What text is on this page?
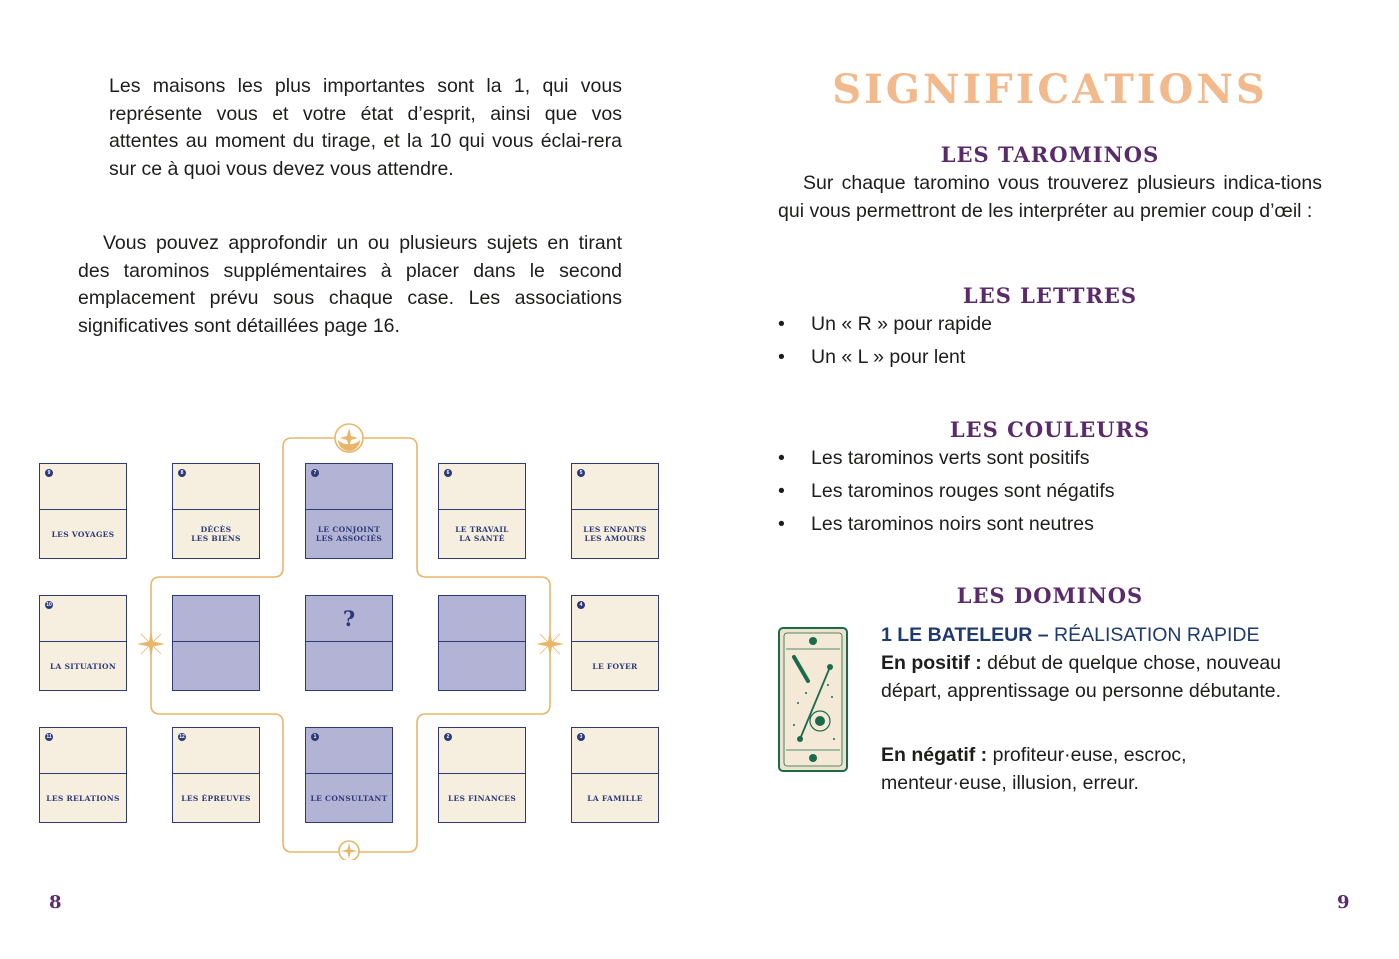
Les maisons les plus importantes sont la 1, qui vous représente vous et votre état d’esprit, ainsi que vos attentes au moment du tirage, et la 10 qui vous éclai-rera sur ce à quoi vous devez vous attendre.

Vous pouvez approfondir un ou plusieurs sujets en tirant des tarominos supplémentaires à placer dans le second emplacement prévu sous chaque case. Les associations significatives sont détaillées page 16.

9
LES VOYAGES
8
DÉCÈS
LES BIENS
7
LE CONJOINT
LES ASSOCIÉS
6
LE TRAVAIL
LA SANTÉ
5
LES ENFANTS
LES AMOURS
10
LA SITUATION
?
4
LE FOYER
11
LES RELATIONS
12
LES ÉPREUVES
1
LE CONSULTANT
2
LES FINANCES
3
LA FAMILLE
8
SIGNIFICATIONS
LES TAROMINOS

Sur chaque taromino vous trouverez plusieurs indica-tions qui vous permettront de les interpréter au premier coup d’œil :

LES LETTRES
• Un « R » pour rapide
• Un « L » pour lent
LES COULEURS
• Les tarominos verts sont positifs
• Les tarominos rouges sont négatifs
• Les tarominos noirs sont neutres
LES DOMINOS
1 LE BATELEUR – RÉALISATION RAPIDE

En positif : début de quelque chose, nouveau départ, apprentissage ou personne débutante.

En négatif : profiteur·euse, escroc, menteur·euse, illusion, erreur.

9
